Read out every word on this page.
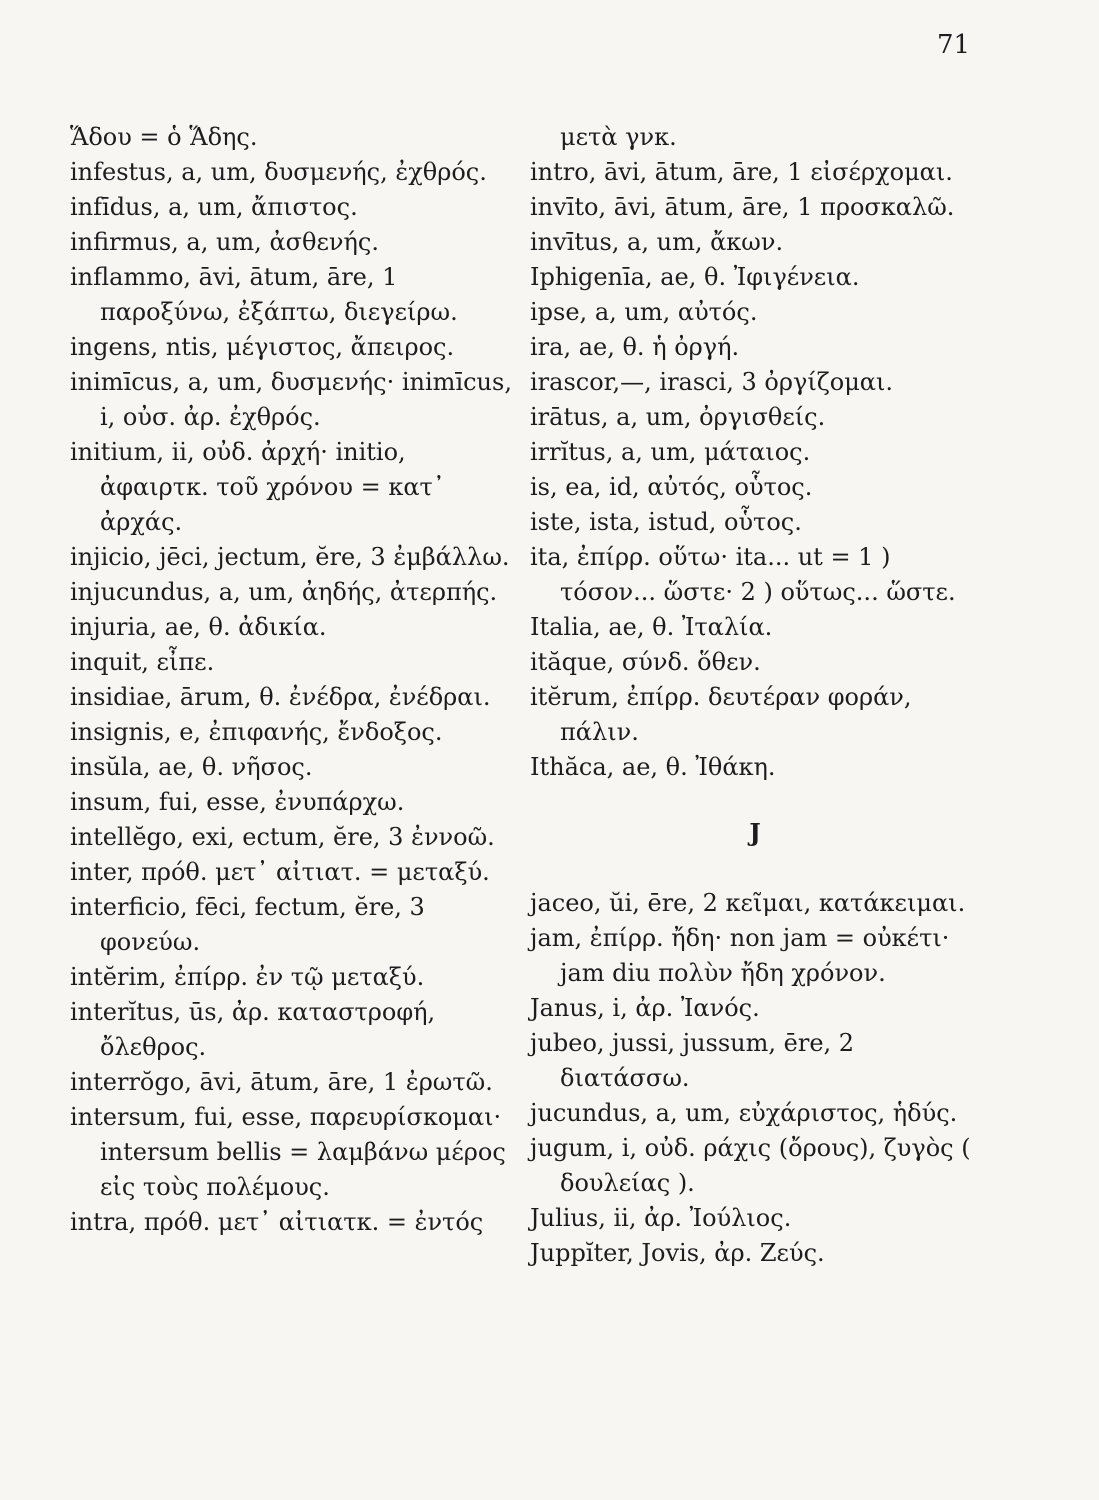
71

Ἅδου = ὁ Ἅδης.

infestus, a, um, δυσμενής, ἐχθρός.

infīdus, a, um, ἄπιστος.

infirmus, a, um, ἀσθενής.

inflammo, āvi, ātum, āre, 1 παροξύνω, ἐξάπτω, διεγείρω.

ingens, ntis, μέγιστος, ἄπειρος.

inimīcus, a, um, δυσμενής· inimīcus, i, οὐσ. ἀρ. ἐχθρός.

initium, ii, οὐδ. ἀρχή· initio, ἀφαιρτκ. τοῦ χρόνου = κατ᾽ ἀρχάς.

injicio, jēci, jectum, ĕre, 3 ἐμβάλλω.

injucundus, a, um, ἀηδής, ἀτερπής.

injuria, ae, θ. ἀδικία.

inquit, εἶπε.

insidiae, ārum, θ. ἐνέδρα, ἐνέδραι.

insignis, e, ἐπιφανής, ἔνδοξος.

insŭla, ae, θ. νῆσος.

insum, fui, esse, ἐνυπάρχω.

intellĕgo, exi, ectum, ĕre, 3 ἐννοῶ.

inter, πρόθ. μετ᾽ αἰτιατ. = μεταξύ.

interficio, fēci, fectum, ĕre, 3 φονεύω.

intĕrim, ἐπίρρ. ἐν τῷ μεταξύ.

interĭtus, ūs, ἀρ. καταστροφή, ὄλεθρος.

interrŏgo, āvi, ātum, āre, 1 ἐρωτῶ.

intersum, fui, esse, παρευρίσκομαι· intersum bellis = λαμβάνω μέρος εἰς τοὺς πολέμους.

intra, πρόθ. μετ᾽ αἰτιατκ. = ἐντός

μετὰ γνκ.

intro, āvi, ātum, āre, 1 εἰσέρχομαι.

invīto, āvi, ātum, āre, 1 προσκαλῶ.

invītus, a, um, ἄκων.

Iphigenīa, ae, θ. Ἰφιγένεια.

ipse, a, um, αὐτός.

ira, ae, θ. ἡ ὀργή.

irascor,—, irasci, 3 ὀργίζομαι.

irātus, a, um, ὀργισθείς.

irrĭtus, a, um, μάταιος.

is, ea, id, αὐτός, οὗτος.

iste, ista, istud, οὗτος.

ita, ἐπίρρ. οὕτω· ita... ut = 1 ) τόσον... ὥστε· 2 ) οὕτως... ὥστε.

Italia, ae, θ. Ἰταλία.

ităque, σύνδ. ὅθεν.

itĕrum, ἐπίρρ. δευτέραν φοράν, πάλιν.

Ithăca, ae, θ. Ἰθάκη.

J

jaceo, ŭi, ēre, 2 κεῖμαι, κατάκειμαι.

jam, ἐπίρρ. ἤδη· non jam = οὐκέτι· jam diu πολὺν ἤδη χρόνον.

Janus, i, ἀρ. Ἰανός.

jubeo, jussi, jussum, ēre, 2 διατάσσω.

jucundus, a, um, εὐχάριστος, ἡδύς.

jugum, i, οὐδ. ράχις (ὄρους), ζυγὸς ( δουλείας ).

Julius, ii, ἀρ. Ἰούλιος.

Juppĭter, Jovis, ἀρ. Ζεύς.
